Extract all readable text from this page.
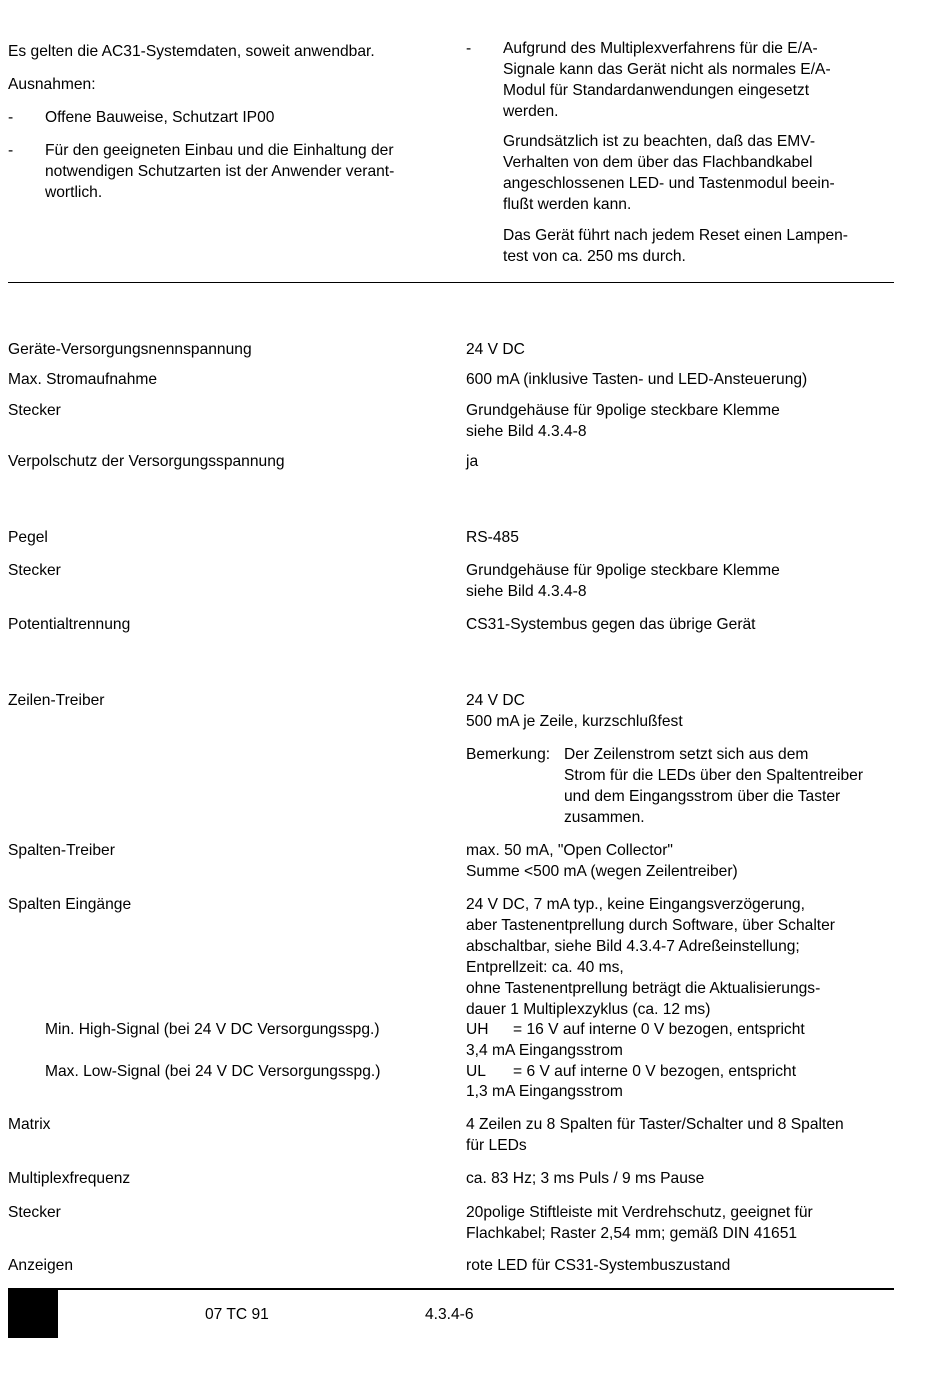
Es gelten die AC31-Systemdaten, soweit anwendbar.
Ausnahmen:
- Offene Bauweise, Schutzart IP00
- Für den geeigneten Einbau und die Einhaltung der
notwendigen Schutzarten ist der Anwender verant-
wortlich.
- Aufgrund des Multiplexverfahrens für die E/A-
Signale kann das Gerät nicht als normales E/A-
Modul für Standardanwendungen eingesetzt
werden.
Grundsätzlich ist zu beachten, daß das EMV-
Verhalten von dem über das Flachbandkabel
angeschlossenen LED- und Tastenmodul beein-
flußt werden kann.
Das Gerät führt nach jedem Reset einen Lampen-
test von ca. 250 ms durch.
Geräte-Versorgungsnennspannung	24 V DC
Max. Stromaufnahme	600 mA (inklusive Tasten- und LED-Ansteuerung)
Stecker	Grundgehäuse für 9polige steckbare Klemme
siehe Bild 4.3.4-8
Verpolschutz der Versorgungsspannung	ja
Pegel	RS-485
Stecker	Grundgehäuse für 9polige steckbare Klemme
siehe Bild 4.3.4-8
Potentialtrennung	CS31-Systembus gegen das übrige Gerät
Zeilen-Treiber	24 V DC
500 mA je Zeile, kurzschlußfest
Bemerkung: Der Zeilenstrom setzt sich aus dem
Strom für die LEDs über den Spaltentreiber
und dem Eingangsstrom über die Taster
zusammen.
Spalten-Treiber	max. 50 mA, "Open Collector"
Summe <500 mA (wegen Zeilentreiber)
Spalten Eingänge	24 V DC, 7 mA typ., keine Eingangsverzögerung,
aber Tastenentprellung durch Software, über Schalter
abschaltbar, siehe Bild 4.3.4-7 Adreßeinstellung;
Entprellzeit: ca. 40 ms,
ohne Tastenentprellung beträgt die Aktualisierungs-
dauer 1 Multiplexzyklus (ca. 12 ms)
Min. High-Signal (bei 24 V DC Versorgungsspg.)	UH = 16 V auf interne 0 V bezogen, entspricht
3,4 mA Eingangsstrom
Max. Low-Signal (bei 24 V DC Versorgungsspg.)	UL = 6 V auf interne 0 V bezogen, entspricht
1,3 mA Eingangsstrom
Matrix	4 Zeilen zu 8 Spalten für Taster/Schalter und 8 Spalten
für LEDs
Multiplexfrequenz	ca. 83 Hz; 3 ms Puls / 9 ms Pause
Stecker	20polige Stiftleiste mit Verdrehschutz, geeignet für
Flachkabel; Raster 2,54 mm; gemäß DIN 41651
Anzeigen	rote LED für CS31-Systembuszustand
07 TC 91	4.3.4-6
